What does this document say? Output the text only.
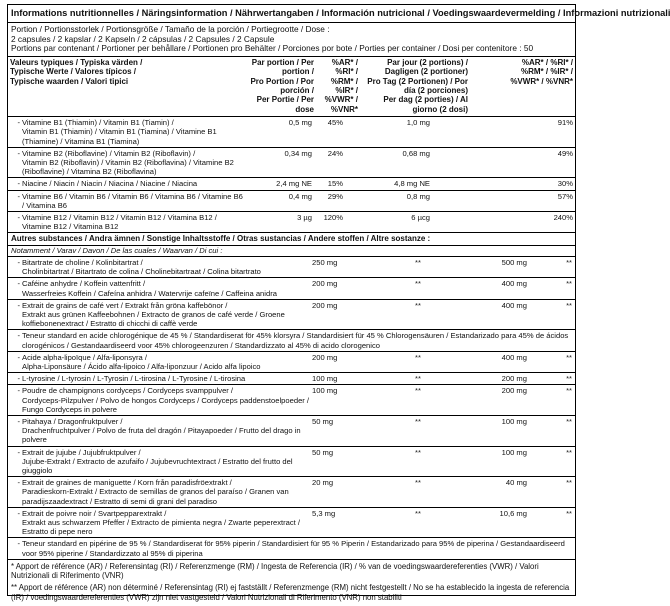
Informations nutritionnelles / Näringsinformation / Nährwertangaben / Información nutricional / Voedingswaardevermelding / Informazioni nutrizionali
Portion / Portionsstorlek / Portionsgröße / Tamaño de la porción / Portiegrootte / Dose :
2 capsules / 2 kapslar / 2 Kapseln / 2 cápsulas / 2 Capsules / 2 Capsule
Portions par contenant / Portioner per behållare / Portionen pro Behälter / Porciones por bote / Porties per container / Dosi per contenitore : 50
Valeurs typiques / Typiska värden /
Typische Werte / Valores típicos /
Typische waarden / Valori tipici
Par portion / Per portion /
Pro Portion / Por porción /
Per Portie / Per dose
%AR* / %RI* /
%RM* / %IR* /
%VWR* / %VNR*
Par jour (2 portions) / Dagligen (2 portioner)
Pro Tag (2 Portionen) / Por día (2 porciones)
Per dag (2 porties) / Al giorno (2 dosi)
%AR* / %RI* /
%RM* / %IR* /
%VWR* / %VNR*
- Vitamine B1 (Thiamin) / Vitamin B1 (Tiamin) /
Vitamin B1 (Thiamin) / Vitamin B1 (Tiamina) / Vitamine B1 (Thiamine) / Vitamina B1 (Tiamina)
0,5 mg	45%	1,0 mg	91%
- Vitamine B2 (Riboflavine) / Vitamin B2 (Riboflavin) /
Vitamin B2 (Riboflavin) / Vitamin B2 (Riboflavina) / Vitamine B2 (Riboflavine) / Vitamina B2 (Riboflavina)
0,34 mg	24%	0,68 mg	49%
- Niacine / Niacin / Niacin / Niacina / Niacine / Niacina	2,4 mg NE	15%	4,8 mg NE	30%
- Vitamine B6 / Vitamin B6 / Vitamin B6 / Vitamina B6 / Vitamine B6 / Vitamina B6
0,4 mg	29%	0,8 mg	57%
- Vitamine B12 / Vitamin B12 / Vitamin B12 / Vitamina B12 / Vitamine B12 / Vitamina B12
3 µg	120%	6 µcg	240%
Autres substances / Andra ämnen / Sonstige Inhaltsstoffe / Otras sustancias / Andere stoffen / Altre sostanze :
Notamment / Varav / Davon / De las cuales / Waarvan / Di cui :
- Bitartrate de choline / Kolinbitartrat /
Cholinbitartrat / Bitartrato de colina / Cholinebitartraat / Colina bitartrato
250 mg	**	500 mg	**
- Caféine anhydre / Koffein vattenfritt /
Wasserfreies Koffein / Cafeína anhidra / Watervrije cafeïne / Caffeina anidra
200 mg	**	400 mg	**
- Extrait de grains de café vert / Extrakt från gröna kaffebönor /
Extrakt aus grünen Kaffeebohnen / Extracto de granos de café verde / Groene koffiebonenextract / Estratto di chicchi di caffè verde
200 mg	**	400 mg	**
- Teneur standard en acide chlorogénique de 45 % / Standardiserat för 45% klorsyra / Standardisiert für 45 % Chlorogensäuren / Estandarizado para 45% de ácidos clorogénicos / Gestandaardiseerd voor 45% chlorogeenzuren / Standardizzato al 45% di acido clorogenico
- Acide alpha-lipoïque / Alfa-liponsyra /
Alpha-Liponsäure / Ácido alfa-lipoico / Alfa-liponzuur / Acido alfa lipoico
200 mg	**	400 mg	**
- L-tyrosine / L-tyrosin / L-Tyrosin / L-tirosina / L-Tyrosine / L-tirosina	100 mg	**	200 mg	**
- Poudre de champignons cordyceps / Cordyceps svamppulver /
Cordyceps-Pilzpulver / Polvo de hongos Cordyceps / Cordyceps paddenstoelpoeder / Fungo Cordyceps in polvere
100 mg	**	200 mg	**
- Pitahaya / Dragonfruktpulver /
Drachenfruchtpulver / Polvo de fruta del dragón / Pitayapoeder / Frutto del drago in polvere
50 mg	**	100 mg	**
- Extrait de jujube / Jujubfruktpulver /
Jujube-Extrakt / Extracto de azufaifo / Jujubevruchtextract / Estratto del frutto del giuggiolo
50 mg	**	100 mg	**
- Extrait de graines de maniguette / Korn från paradisfröextrakt /
Paradieskorn-Extrakt / Extracto de semillas de granos del paraíso / Granen van paradijszaadextract / Estratto di semi di grani del paradiso
20 mg	**	40 mg	**
- Extrait de poivre noir / Svartpepparextrakt /
Extrakt aus schwarzem Pfeffer / Extracto de pimienta negra / Zwarte peperextract / Estratto di pepe nero
5,3 mg	**	10,6 mg	**
- Teneur standard en pipérine de 95 % / Standardiserat för 95% piperin / Standardisiert für 95 % Piperin / Estandarizado para 95% de piperina / Gestandaardiseerd voor 95% piperine / Standardizzato al 95% di piperina

* Apport de référence (AR) / Referensintag (RI) / Referenzmenge (RM) / Ingesta de Referencia (IR) / % van de voedingswaardereferenties (VWR) / Valori Nutrizionali di Riferimento (VNR)

** Apport de référence (AR) non déterminé / Referensintag (RI) ej fastställt / Referenzmenge (RM) nicht festgestellt / No se ha establecido la ingesta de referencia (IR) / voedingswaardereferenties (VWR) zijn niet vastgesteld / Valori Nutrizionali di Riferimento (VNR) non stabiliti
